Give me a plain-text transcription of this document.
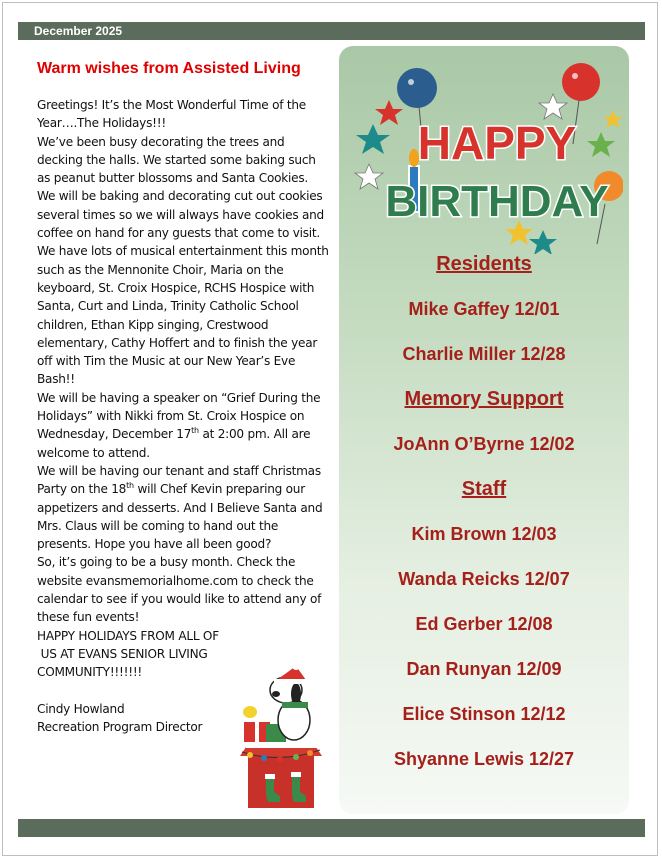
December 2025
Warm wishes from Assisted Living

Greetings! It’s the Most Wonderful Time of the Year….The Holidays!!!

We’ve been busy decorating the trees and decking the halls. We started some baking such as peanut butter blossoms and Santa Cookies. We will be baking and decorating cut out cookies several times so we will always have cookies and coffee on hand for any guests that come to visit.

We have lots of musical entertainment this month such as the Mennonite Choir, Maria on the keyboard, St. Croix Hospice, RCHS Hospice with Santa, Curt and Linda, Trinity Catholic School children, Ethan Kipp singing, Crestwood elementary, Cathy Hoffert and to finish the year off with Tim the Music at our New Year’s Eve Bash!!

We will be having a speaker on “Grief During the Holidays” with Nikki from St. Croix Hospice on Wednesday, December 17th at 2:00 pm. All are welcome to attend.

We will be having our tenant and staff Christmas Party on the 18th will Chef Kevin preparing our appetizers and desserts. And I Believe Santa and Mrs. Claus will be coming to hand out the presents. Hope you have all been good?

So, it’s going to be a busy month. Check the website evansmemorialhome.com to check the calendar to see if you would like to attend any of these fun events!

HAPPY HOLIDAYS FROM ALL OF

US AT EVANS SENIOR LIVING

COMMUNITY!!!!!!!

Cindy Howland

Recreation Program Director

HAPPY
BIRTHDAY
Residents
Mike Gaffey 12/01
Charlie Miller 12/28
Memory Support
JoAnn O’Byrne 12/02
Staff
Kim Brown 12/03
Wanda Reicks 12/07
Ed Gerber 12/08
Dan Runyan 12/09
Elice Stinson 12/12
Shyanne Lewis 12/27
